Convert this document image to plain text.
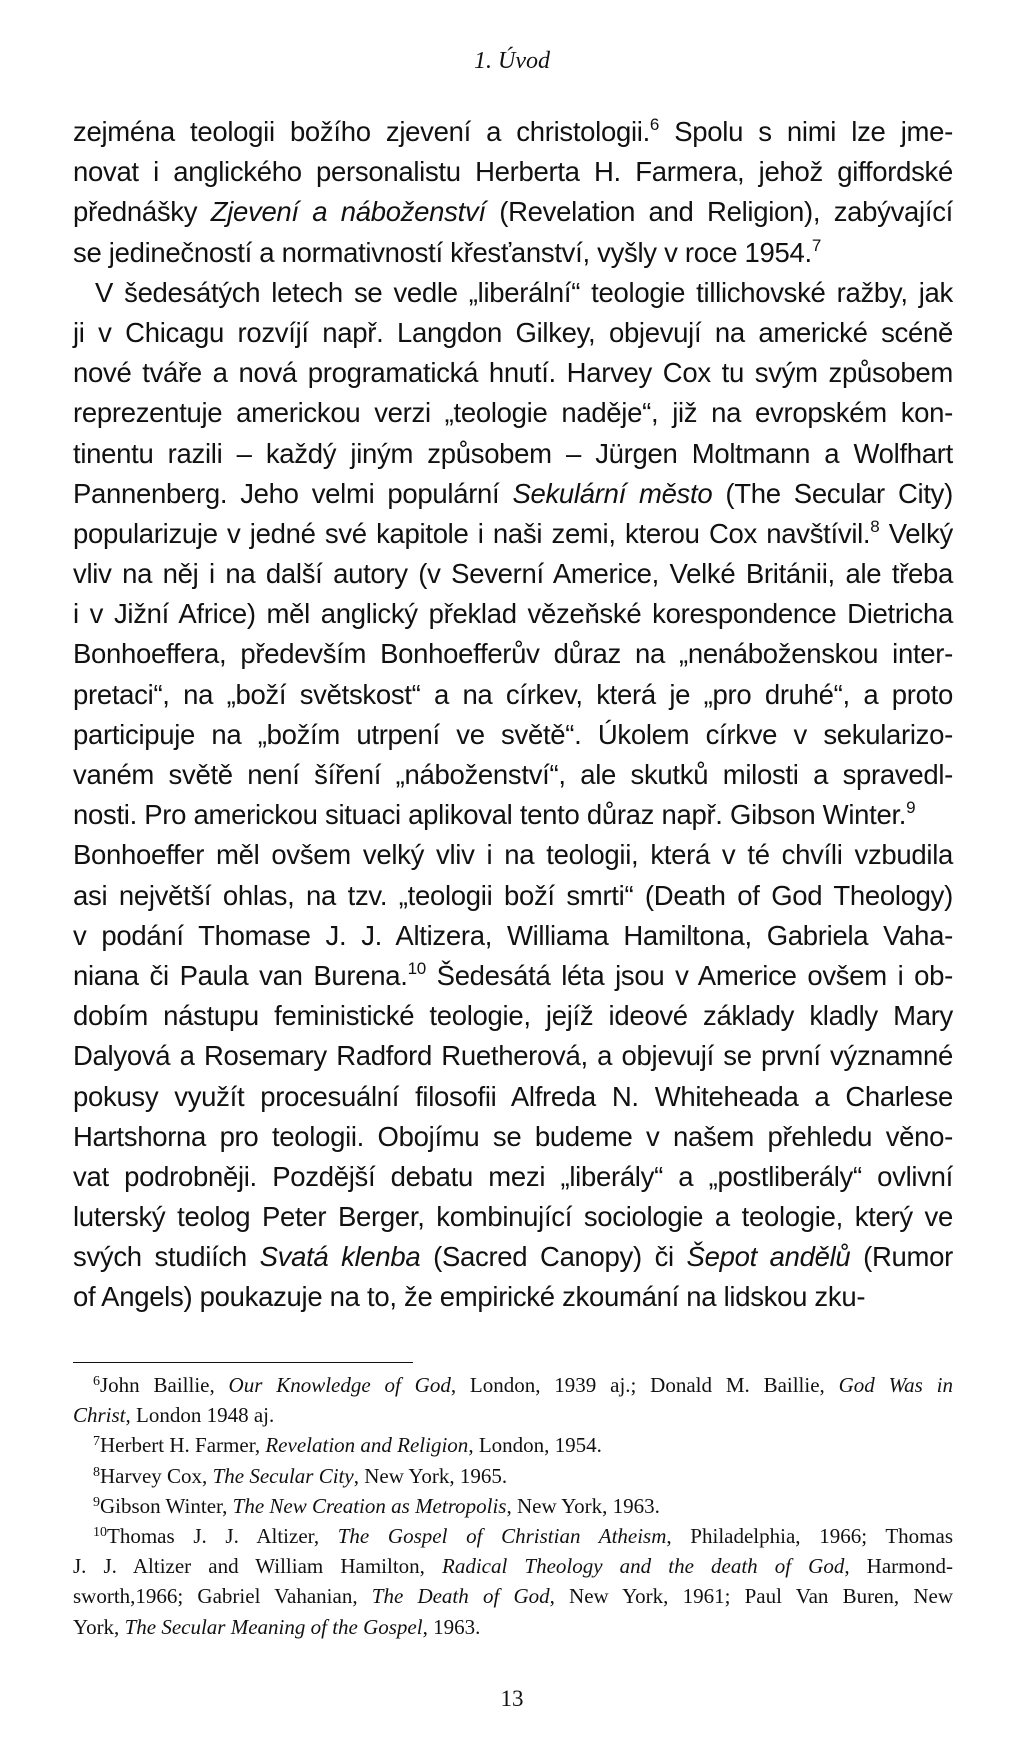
1. Úvod
zejména teologii božího zjevení a christologii.$^6$ Spolu s nimi lze jme-
novat i anglického personalistu Herberta H. Farmera, jehož giffordské
přednášky Zjevení a náboženství (Revelation and Religion), zabývající
se jedinečností a normativností křesťanství, vyšly v roce 1954.$^7$
V šedesátých letech se vedle „liberální“ teologie tillichovské ražby, jak
ji v Chicagu rozvíjí např. Langdon Gilkey, objevují na americké scéně
nové tváře a nová programatická hnutí. Harvey Cox tu svým způsobem
reprezentuje americkou verzi „teologie naděje“, již na evropském kon-
tinentu razili – každý jiným způsobem – Jürgen Moltmann a Wolfhart
Pannenberg. Jeho velmi populární Sekulární město (The Secular City)
popularizuje v jedné své kapitole i naši zemi, kterou Cox navštívil.$^8$ Velký
vliv na něj i na další autory (v Severní Americe, Velké Británii, ale třeba
i v Jižní Africe) měl anglický překlad vězeňské korespondence Dietricha
Bonhoeffera, především Bonhoefferův důraz na „nenáboženskou inter-
pretaci“, na „boží světskost“ a na církev, která je „pro druhé“, a proto
participuje na „božím utrpení ve světě“. Úkolem církve v sekularizo-
vaném světě není šíření „náboženství“, ale skutků milosti a spravedl-
nosti. Pro americkou situaci aplikoval tento důraz např. Gibson Winter.$^9$
Bonhoeffer měl ovšem velký vliv i na teologii, která v té chvíli vzbudila
asi největší ohlas, na tzv. „teologii boží smrti“ (Death of God Theology)
v podání Thomase J. J. Altizera, Williama Hamiltona, Gabriela Vaha-
niana či Paula van Burena.$^{10}$ Šedesátá léta jsou v Americe ovšem i ob-
dobím nástupu feministické teologie, jejíž ideové základy kladly Mary
Dalyová a Rosemary Radford Ruetherová, a objevují se první významné
pokusy využít procesuální filosofii Alfreda N. Whiteheada a Charlese
Hartshorna pro teologii. Obojímu se budeme v našem přehledu věno-
vat podrobněji. Pozdější debatu mezi „liberály“ a „postliberály“ ovlivní
luterský teolog Peter Berger, kombinující sociologie a teologie, který ve
svých studiích Svatá klenba (Sacred Canopy) či Šepot andělů (Rumor
of Angels) poukazuje na to, že empirické zkoumání na lidskou zku-
$^6$John Baillie, Our Knowledge of God, London, 1939 aj.; Donald M. Baillie, God Was in
Christ, London 1948 aj.
$^7$Herbert H. Farmer, Revelation and Religion, London, 1954.
$^8$Harvey Cox, The Secular City, New York, 1965.
$^9$Gibson Winter, The New Creation as Metropolis, New York, 1963.
$^{10}$Thomas J. J. Altizer, The Gospel of Christian Atheism, Philadelphia, 1966; Thomas
J. J. Altizer and William Hamilton, Radical Theology and the death of God, Harmond-
sworth,1966; Gabriel Vahanian, The Death of God, New York, 1961; Paul Van Buren, New
York, The Secular Meaning of the Gospel, 1963.
13
